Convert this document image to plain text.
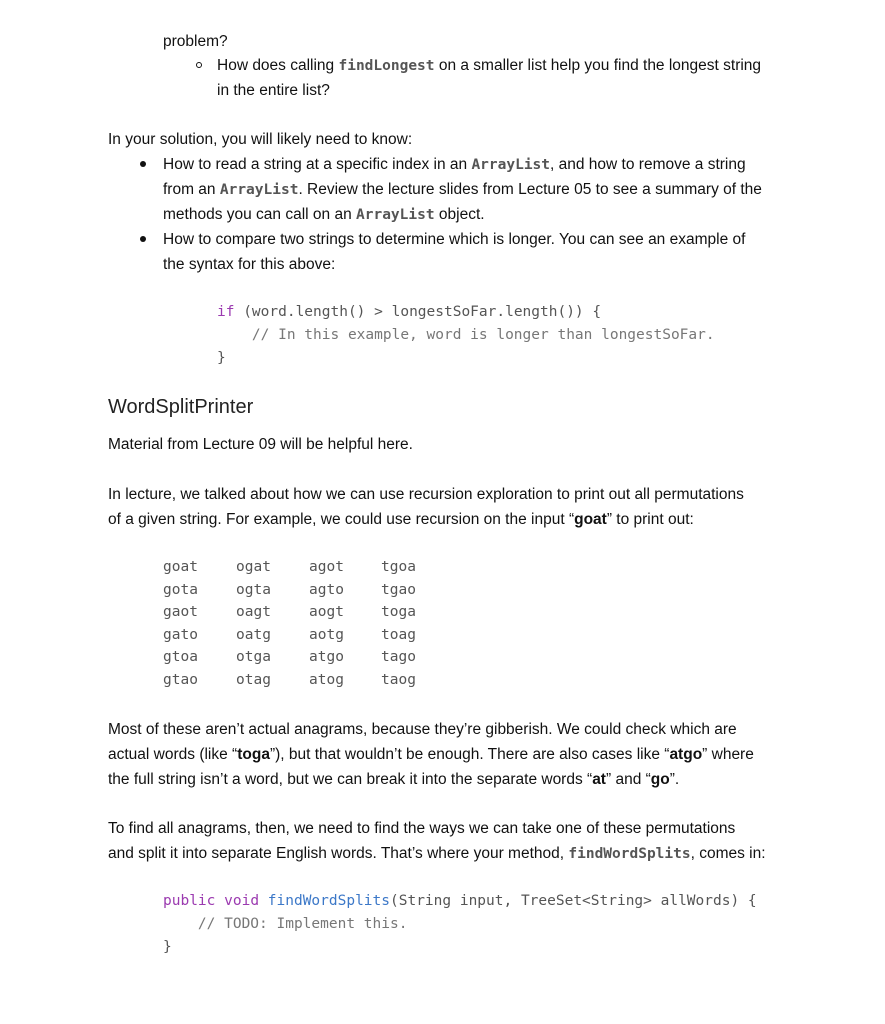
problem?
How does calling findLongest on a smaller list help you find the longest string
in the entire list?
In your solution, you will likely need to know:
How to read a string at a specific index in an ArrayList, and how to remove a string
from an ArrayList. Review the lecture slides from Lecture 05 to see a summary of the
methods you can call on an ArrayList object.
How to compare two strings to determine which is longer. You can see an example of
the syntax for this above:
if (word.length() > longestSoFar.length()) {
// In this example, word is longer than longestSoFar.
}
WordSplitPrinter
Material from Lecture 09 will be helpful here.
In lecture, we talked about how we can use recursion exploration to print out all permutations
of a given string. For example, we could use recursion on the input “goat” to print out:
goat
gota
gaot
gato
gtoa
gtao
ogat
ogta
oagt
oatg
otga
otag
agot
agto
aogt
aotg
atgo
atog
tgoa
tgao
toga
toag
tago
taog
Most of these aren’t actual anagrams, because they’re gibberish. We could check which are
actual words (like “toga”), but that wouldn’t be enough. There are also cases like “atgo” where
the full string isn’t a word, but we can break it into the separate words “at” and “go”.
To find all anagrams, then, we need to find the ways we can take one of these permutations
and split it into separate English words. That’s where your method, findWordSplits, comes in:
public void findWordSplits(String input, TreeSet<String> allWords) {
// TODO: Implement this.
}
